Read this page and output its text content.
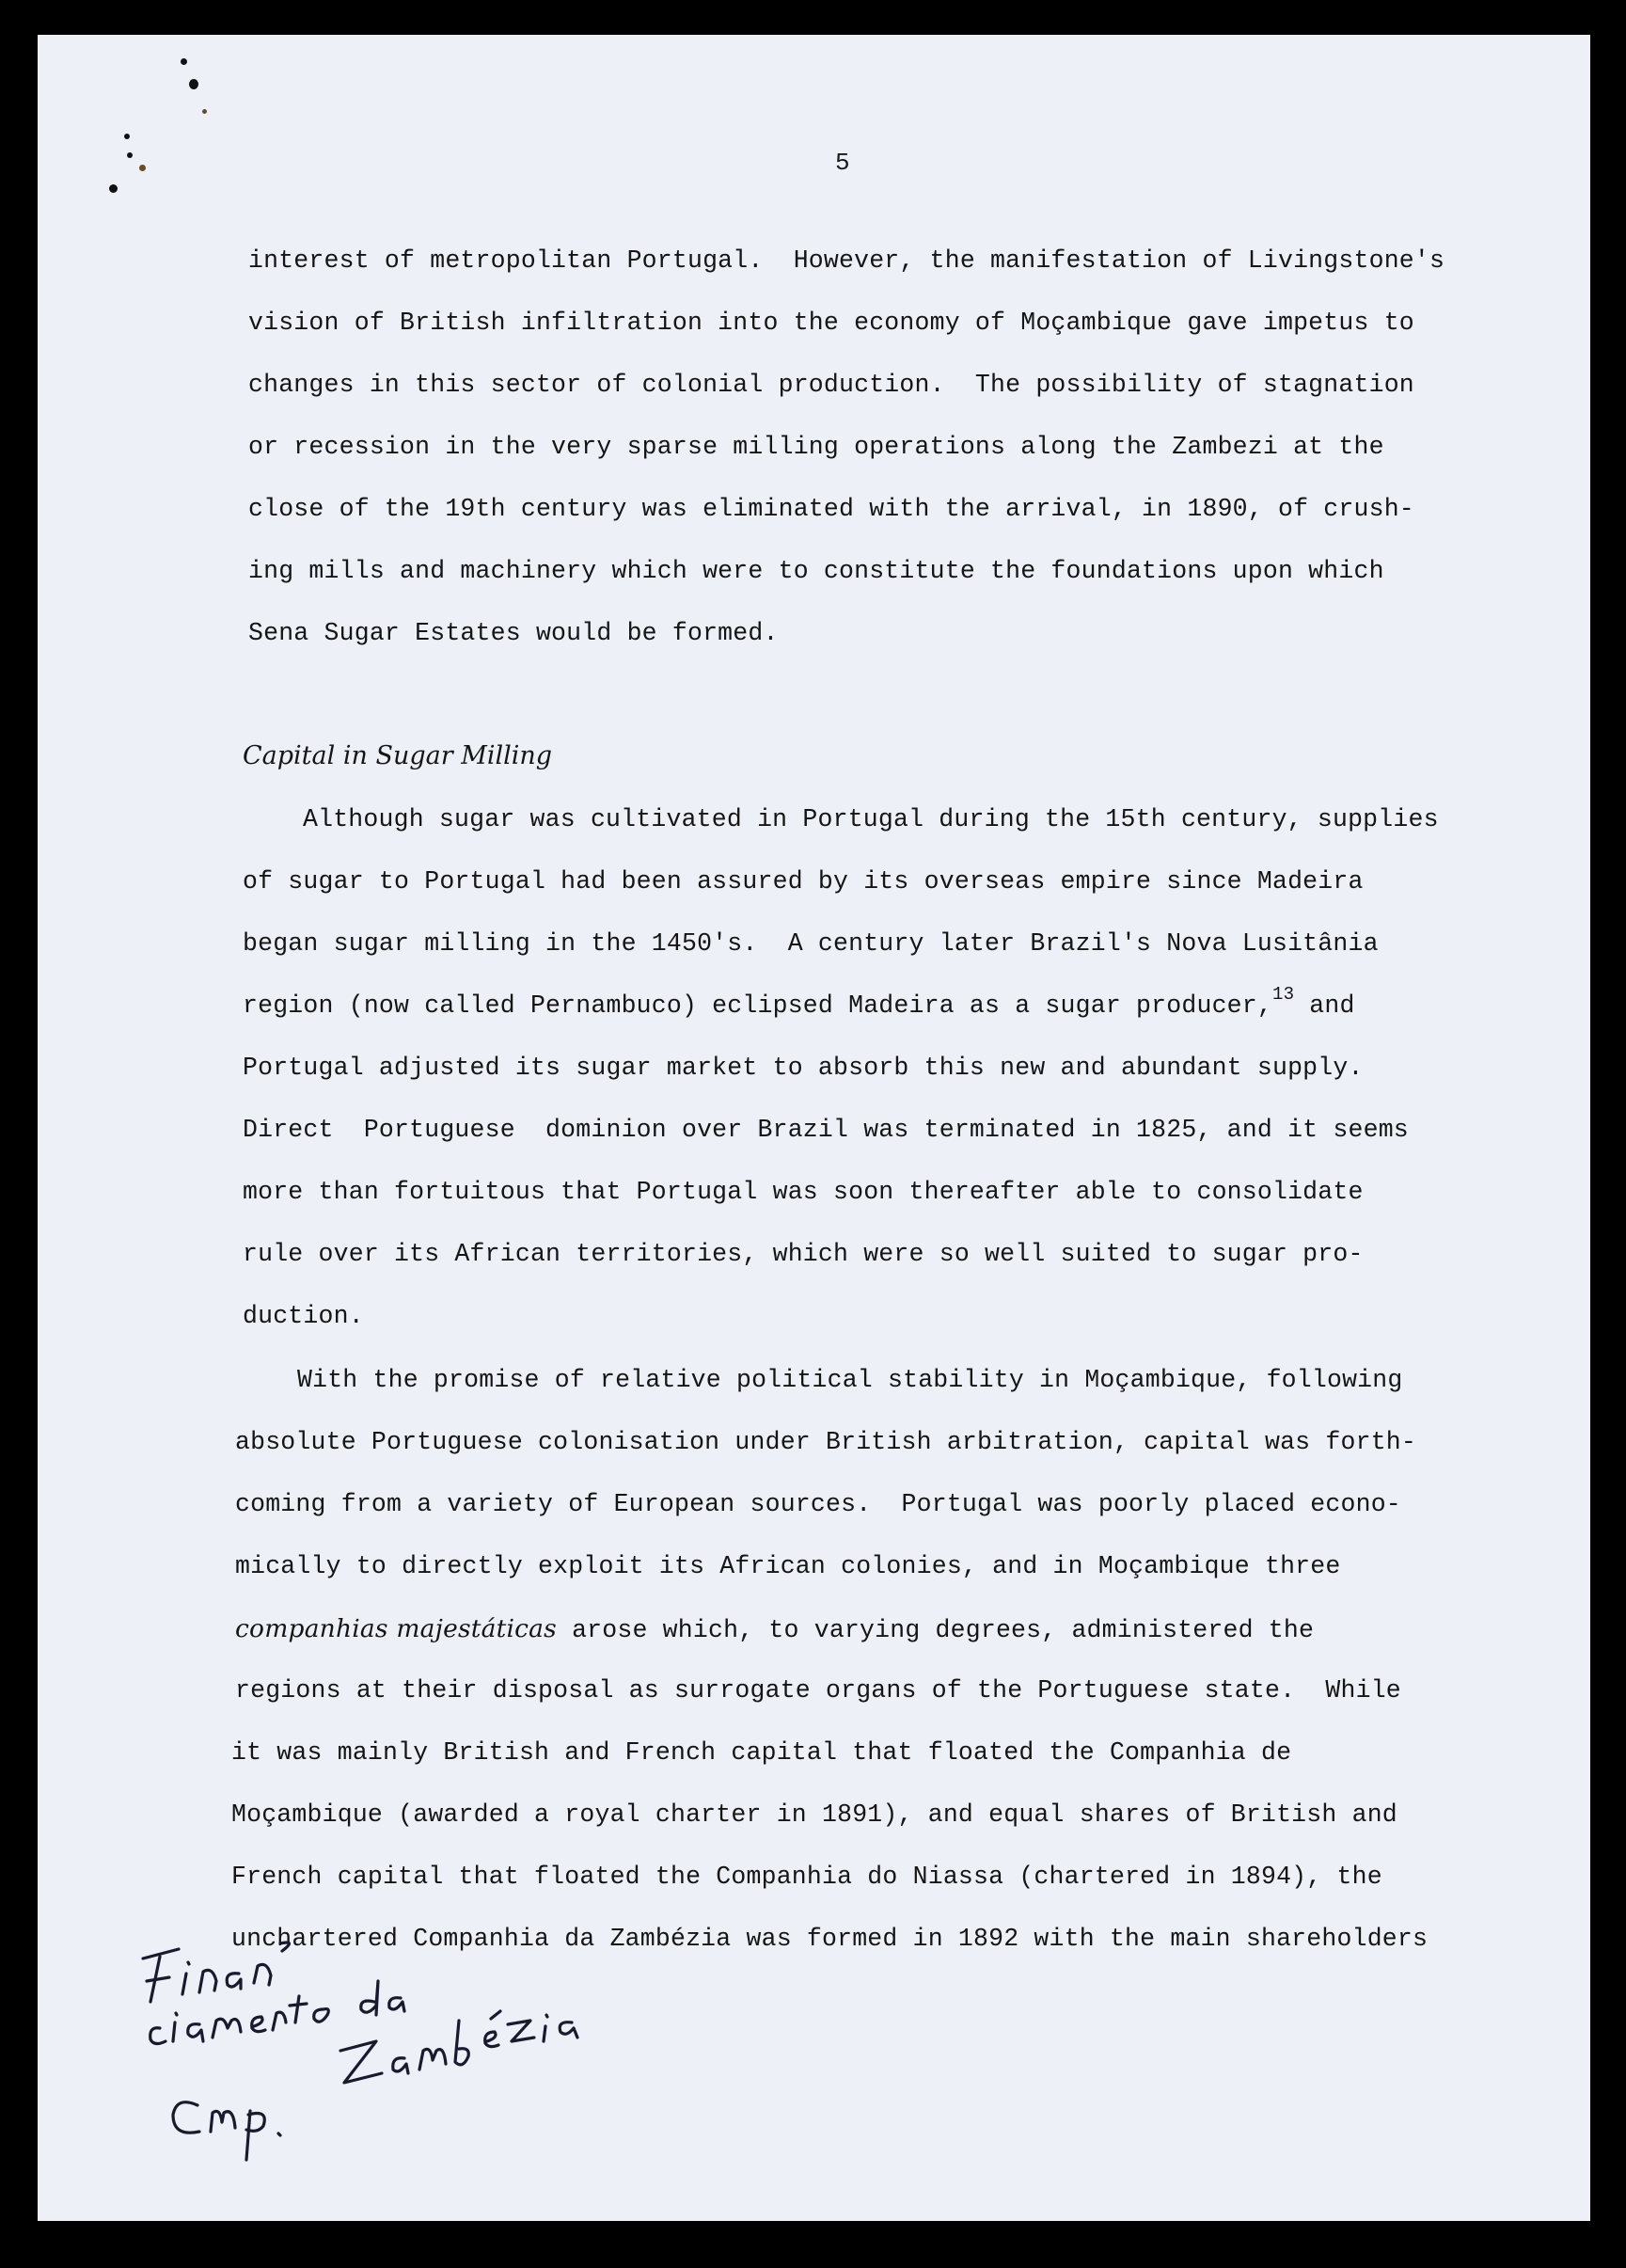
5
interest of metropolitan Portugal.  However, the manifestation of Livingstone's
vision of British infiltration into the economy of Moçambique gave impetus to
changes in this sector of colonial production.  The possibility of stagnation
or recession in the very sparse milling operations along the Zambezi at the
close of the 19th century was eliminated with the arrival, in 1890, of crush-
ing mills and machinery which were to constitute the foundations upon which
Sena Sugar Estates would be formed.
Capital in Sugar Milling
Although sugar was cultivated in Portugal during the 15th century, supplies
of sugar to Portugal had been assured by its overseas empire since Madeira
began sugar milling in the 1450's.  A century later Brazil's Nova Lusitânia
region (now called Pernambuco) eclipsed Madeira as a sugar producer,$^{13}$ and
Portugal adjusted its sugar market to absorb this new and abundant supply.
Direct  Portuguese  dominion over Brazil was terminated in 1825, and it seems
more than fortuitous that Portugal was soon thereafter able to consolidate
rule over its African territories, which were so well suited to sugar pro-
duction.
With the promise of relative political stability in Moçambique, following
absolute Portuguese colonisation under British arbitration, capital was forth-
coming from a variety of European sources.  Portugal was poorly placed econo-
mically to directly exploit its African colonies, and in Moçambique three
companhias majestáticas arose which, to varying degrees, administered the
regions at their disposal as surrogate organs of the Portuguese state.  While
it was mainly British and French capital that floated the Companhia de
Moçambique (awarded a royal charter in 1891), and equal shares of British and
French capital that floated the Companhia do Niassa (chartered in 1894), the
unchartered Companhia da Zambézia was formed in 1892 with the main shareholders
